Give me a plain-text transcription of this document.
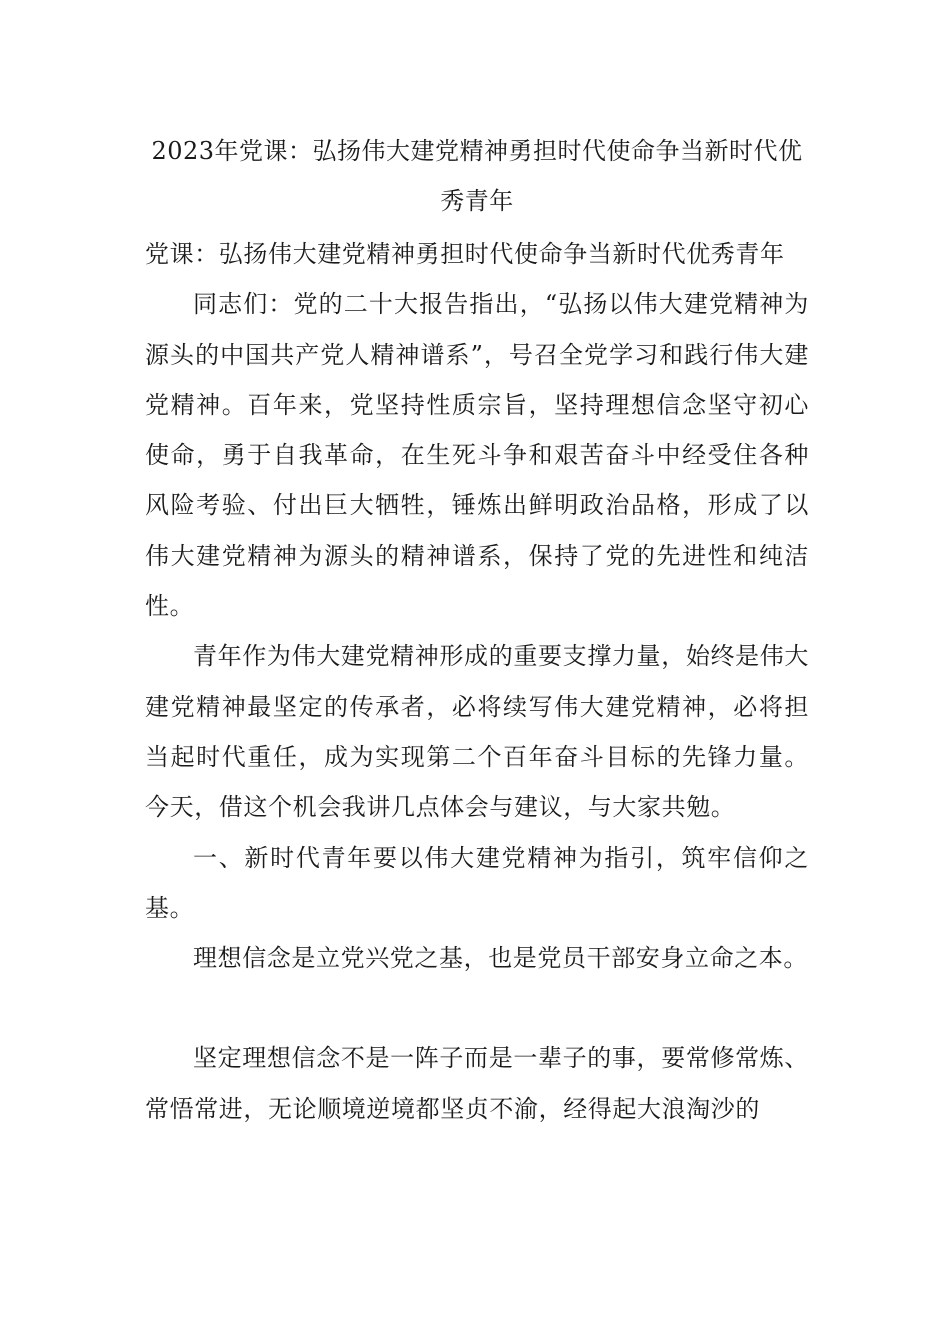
2023年党课：弘扬伟大建党精神勇担时代使命争当新时代优秀青年

党课：弘扬伟大建党精神勇担时代使命争当新时代优秀青年

同志们：党的二十大报告指出，“弘扬以伟大建党精神为源头的中国共产党人精神谱系”，号召全党学习和践行伟大建党精神。百年来，党坚持性质宗旨，坚持理想信念坚守初心使命，勇于自我革命，在生死斗争和艰苦奋斗中经受住各种风险考验、付出巨大牺牲，锤炼出鲜明政治品格，形成了以伟大建党精神为源头的精神谱系，保持了党的先进性和纯洁性。

青年作为伟大建党精神形成的重要支撑力量，始终是伟大建党精神最坚定的传承者，必将续写伟大建党精神，必将担当起时代重任，成为实现第二个百年奋斗目标的先锋力量。今天，借这个机会我讲几点体会与建议，与大家共勉。

一、新时代青年要以伟大建党精神为指引，筑牢信仰之基。

理想信念是立党兴党之基，也是党员干部安身立命之本。

坚定理想信念不是一阵子而是一辈子的事，要常修常炼、常悟常进，无论顺境逆境都坚贞不渝，经得起大浪淘沙的
